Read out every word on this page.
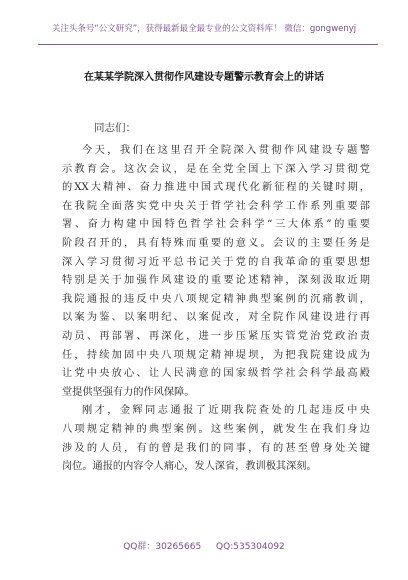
关注头条号“公文研究”，获得最新最全最专业的公文资料库！ 微信：gongwenyj
在某某学院深入贯彻作风建设专题警示教育会上的讲话
同志们：
今天，我们在这里召开全院深入贯彻作风建设专题警
示教育会。这次会议，是在全党全国上下深入学习贯彻党
的XX大精神、奋力推进中国式现代化新征程的关键时期，
在我院全面落实党中央关于哲学社会科学工作系列重要部
署、奋力构建中国特色哲学社会科学“三大体系”的重要
阶段召开的，具有特殊而重要的意义。会议的主要任务是
深入学习贯彻习近平总书记关于党的自我革命的重要思想
特别是关于加强作风建设的重要论述精神，深刻汲取近期
我院通报的违反中央八项规定精神典型案例的沉痛教训，
以案为鉴、以案明纪、以案促改，对全院作风建设进行再
动员、再部署、再深化，进一步压紧压实管党治党政治责
任，持续加固中央八项规定精神堤坝，为把我院建设成为
让党中央放心、让人民满意的国家级哲学社会科学最高殿
堂提供坚强有力的作风保障。
刚才，金辉同志通报了近期我院查处的几起违反中央
八项规定精神的典型案例。这些案例，就发生在我们身边
涉及的人员，有的曾是我们的同事，有的甚至曾身处关键
岗位。通报的内容令人痛心，发人深省，教训极其深刻。
QQ群：30265665 QQ:535304092
